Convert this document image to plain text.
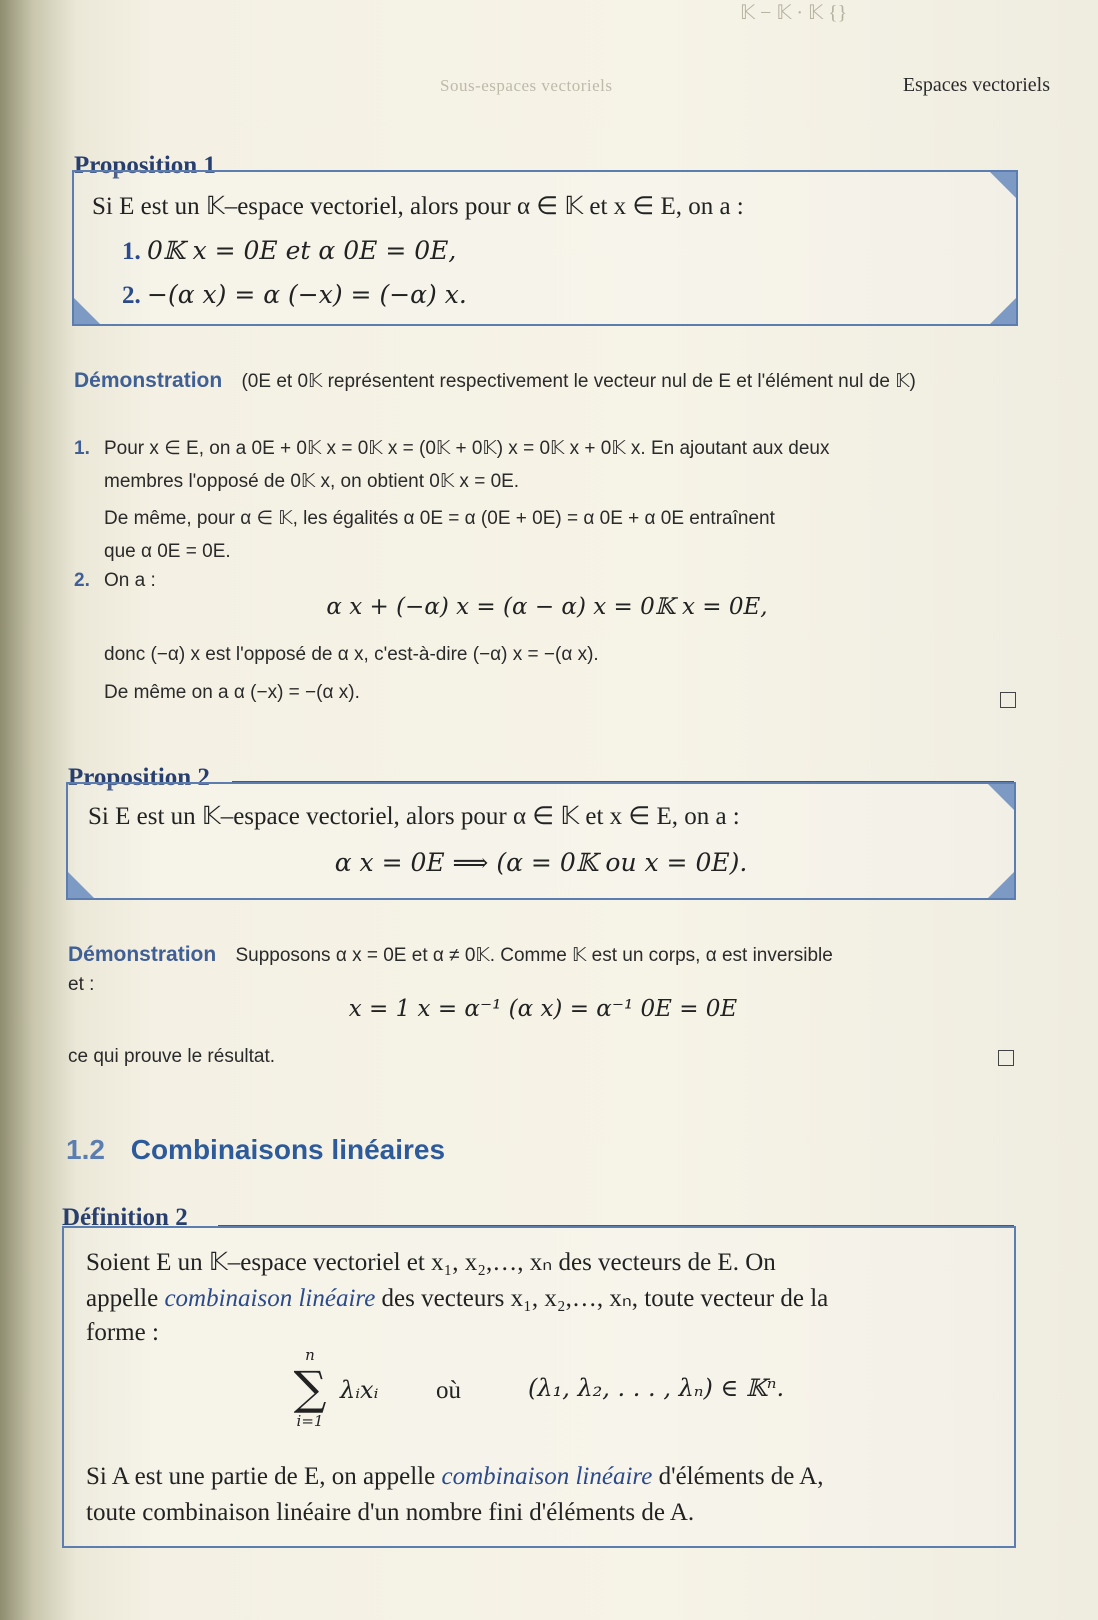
𝕂 − 𝕂 · 𝕂 {}
Sous-espaces vectoriels	Espaces vectoriels
Proposition 1
Si E est un 𝕂–espace vectoriel, alors pour α ∈ 𝕂 et x ∈ E, on a :
1. 0𝕂 x = 0E et α 0E = 0E,
2. −(α x) = α (−x) = (−α) x.
Démonstration (0E et 0𝕂 représentent respectivement le vecteur nul de E et l'élément nul de 𝕂)
1. Pour x ∈ E, on a 0E + 0𝕂 x = 0𝕂 x = (0𝕂 + 0𝕂) x = 0𝕂 x + 0𝕂 x. En ajoutant aux deux
membres l'opposé de 0𝕂 x, on obtient 0𝕂 x = 0E.
De même, pour α ∈ 𝕂, les égalités α 0E = α (0E + 0E) = α 0E + α 0E entraînent
que α 0E = 0E.
2. On a :
α x + (−α) x = (α − α) x = 0𝕂 x = 0E,
donc (−α) x est l'opposé de α x, c'est-à-dire (−α) x = −(α x).
De même on a α (−x) = −(α x).
Proposition 2
Si E est un 𝕂–espace vectoriel, alors pour α ∈ 𝕂 et x ∈ E, on a :
α x = 0E ⟹ (α = 0𝕂 ou x = 0E).
Démonstration Supposons α x = 0E et α ≠ 0𝕂. Comme 𝕂 est un corps, α est inversible
et :
x = 1 x = α⁻¹ (α x) = α⁻¹ 0E = 0E
ce qui prouve le résultat.
1.2 Combinaisons linéaires
Définition 2
Soient E un 𝕂–espace vectoriel et x₁, x₂,…, xₙ des vecteurs de E. On
appelle combinaison linéaire des vecteurs x₁, x₂,…, xₙ, toute vecteur de la
forme :
n
∑
i=1
λᵢxᵢ où	(λ₁, λ₂, . . . , λₙ) ∈ 𝕂ⁿ.
Si A est une partie de E, on appelle combinaison linéaire d'éléments de A,
toute combinaison linéaire d'un nombre fini d'éléments de A.
